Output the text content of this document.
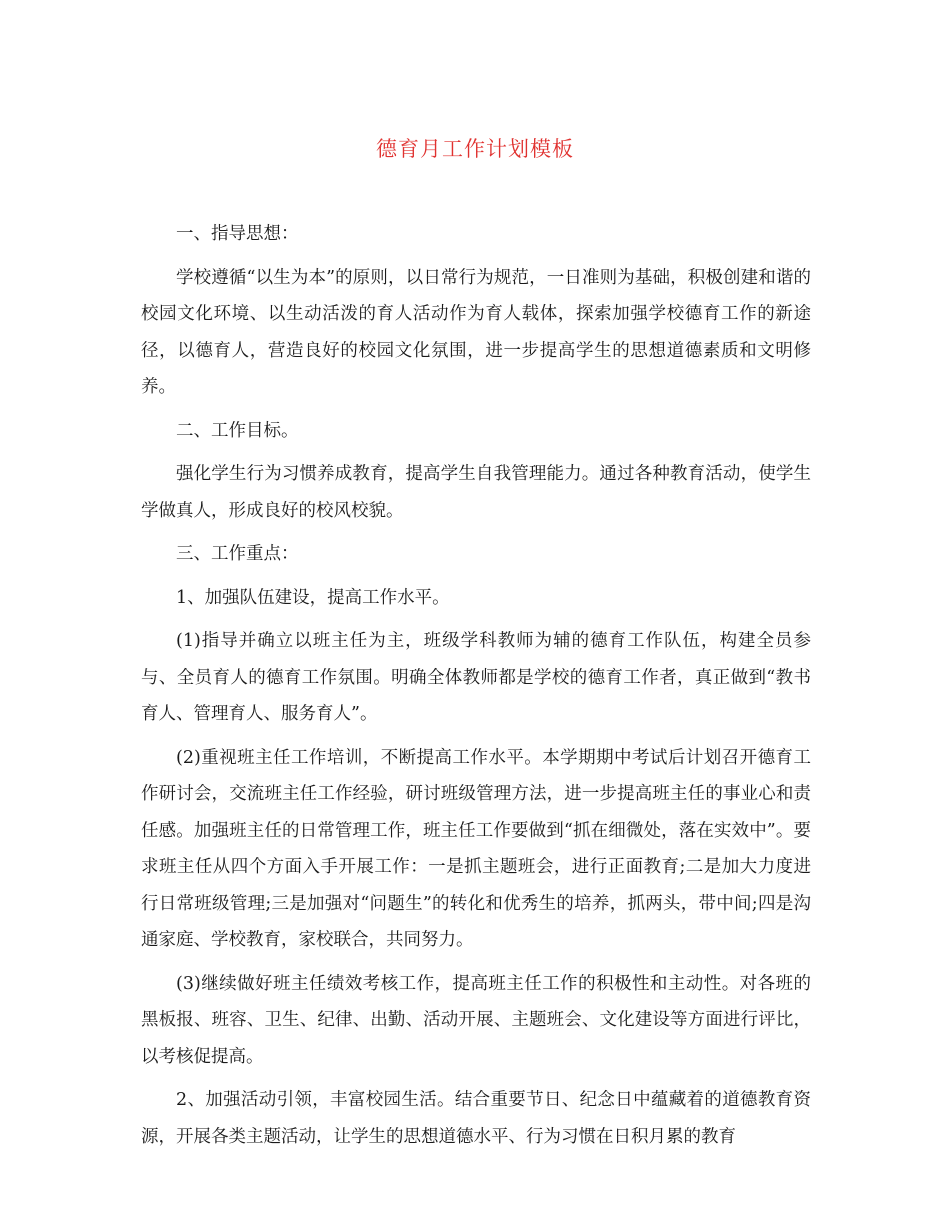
德育月工作计划模板

一、指导思想：

学校遵循“以生为本”的原则，以日常行为规范，一日准则为基础，积极创建和谐的校园文化环境、以生动活泼的育人活动作为育人载体，探索加强学校德育工作的新途径，以德育人，营造良好的校园文化氛围，进一步提高学生的思想道德素质和文明修养。

二、工作目标。

强化学生行为习惯养成教育，提高学生自我管理能力。通过各种教育活动，使学生学做真人，形成良好的校风校貌。

三、工作重点：

1、加强队伍建设，提高工作水平。

(1)指导并确立以班主任为主，班级学科教师为辅的德育工作队伍，构建全员参与、全员育人的德育工作氛围。明确全体教师都是学校的德育工作者，真正做到“教书育人、管理育人、服务育人”。

(2)重视班主任工作培训，不断提高工作水平。本学期期中考试后计划召开德育工作研讨会，交流班主任工作经验，研讨班级管理方法，进一步提高班主任的事业心和责任感。加强班主任的日常管理工作，班主任工作要做到“抓在细微处，落在实效中”。要求班主任从四个方面入手开展工作：一是抓主题班会，进行正面教育;二是加大力度进行日常班级管理;三是加强对“问题生”的转化和优秀生的培养，抓两头，带中间;四是沟通家庭、学校教育，家校联合，共同努力。

(3)继续做好班主任绩效考核工作，提高班主任工作的积极性和主动性。对各班的黑板报、班容、卫生、纪律、出勤、活动开展、主题班会、文化建设等方面进行评比，以考核促提高。

2、加强活动引领，丰富校园生活。结合重要节日、纪念日中蕴藏着的道德教育资源，开展各类主题活动，让学生的思想道德水平、行为习惯在日积月累的教育
